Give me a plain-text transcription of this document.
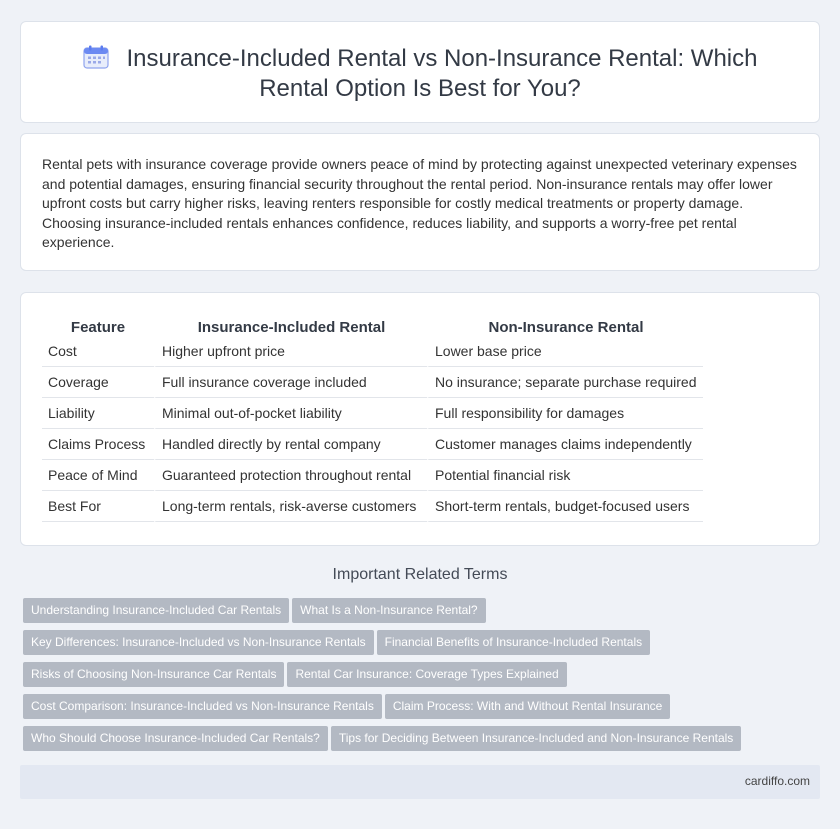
Insurance-Included Rental vs Non-Insurance Rental: Which Rental Option Is Best for You?

Rental pets with insurance coverage provide owners peace of mind by protecting against unexpected veterinary expenses and potential damages, ensuring financial security throughout the rental period. Non-insurance rentals may offer lower upfront costs but carry higher risks, leaving renters responsible for costly medical treatments or property damage. Choosing insurance-included rentals enhances confidence, reduces liability, and supports a worry-free pet rental experience.

Feature	Insurance-Included Rental	Non-Insurance Rental
Cost	Higher upfront price	Lower base price
Coverage	Full insurance coverage included	No insurance; separate purchase required
Liability	Minimal out-of-pocket liability	Full responsibility for damages
Claims Process	Handled directly by rental company	Customer manages claims independently
Peace of Mind	Guaranteed protection throughout rental	Potential financial risk
Best For	Long-term rentals, risk-averse customers	Short-term rentals, budget-focused users
Important Related Terms
Understanding Insurance-Included Car Rentals What Is a Non-Insurance Rental?
Key Differences: Insurance-Included vs Non-Insurance Rentals Financial Benefits of Insurance-Included Rentals
Risks of Choosing Non-Insurance Car Rentals Rental Car Insurance: Coverage Types Explained
Cost Comparison: Insurance-Included vs Non-Insurance Rentals Claim Process: With and Without Rental Insurance
Who Should Choose Insurance-Included Car Rentals? Tips for Deciding Between Insurance-Included and Non-Insurance Rentals
cardiffo.com
